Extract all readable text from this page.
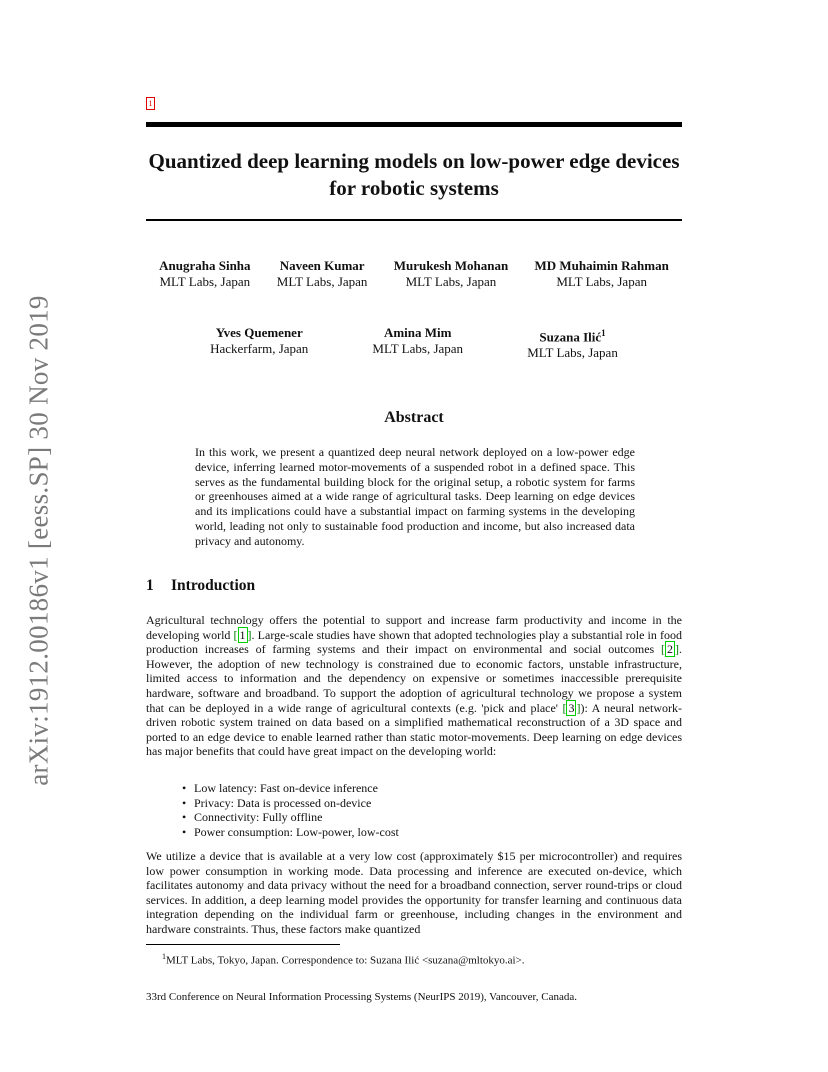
arXiv:1912.00186v1 [eess.SP] 30 Nov 2019
1
Quantized deep learning models on low-power edge devices for robotic systems
Anugraha Sinha
MLT Labs, Japan
Naveen Kumar
MLT Labs, Japan
Murukesh Mohanan
MLT Labs, Japan
MD Muhaimin Rahman
MLT Labs, Japan
Yves Quemener
Hackerfarm, Japan
Amina Mim
MLT Labs, Japan
Suzana Ilić$^1$
MLT Labs, Japan
Abstract

In this work, we present a quantized deep neural network deployed on a low-power edge device, inferring learned motor-movements of a suspended robot in a defined space. This serves as the fundamental building block for the original setup, a robotic system for farms or greenhouses aimed at a wide range of agricultural tasks. Deep learning on edge devices and its implications could have a substantial impact on farming systems in the developing world, leading not only to sustainable food production and income, but also increased data privacy and autonomy.

1 Introduction

Agricultural technology offers the potential to support and increase farm productivity and income in the developing world [ 1 ]. Large-scale studies have shown that adopted technologies play a substantial role in food production increases of farming systems and their impact on environmental and social outcomes [ 2 ]. However, the adoption of new technology is constrained due to economic factors, unstable infrastructure, limited access to information and the dependency on expensive or sometimes inaccessible prerequisite hardware, software and broadband. To support the adoption of agricultural technology we propose a system that can be deployed in a wide range of agricultural contexts (e.g. 'pick and place' [ 3 ]): A neural network-driven robotic system trained on data based on a simplified mathematical reconstruction of a 3D space and ported to an edge device to enable learned rather than static motor-movements. Deep learning on edge devices has major benefits that could have great impact on the developing world:

• Low latency: Fast on-device inference
• Privacy: Data is processed on-device
• Connectivity: Fully offline
• Power consumption: Low-power, low-cost

We utilize a device that is available at a very low cost (approximately $15 per microcontroller) and requires low power consumption in working mode. Data processing and inference are executed on-device, which facilitates autonomy and data privacy without the need for a broadband connection, server round-trips or cloud services. In addition, a deep learning model provides the opportunity for transfer learning and continuous data integration depending on the individual farm or greenhouse, including changes in the environment and hardware constraints. Thus, these factors make quantized

$^1$MLT Labs, Tokyo, Japan. Correspondence to: Suzana Ilić <suzana@mltokyo.ai>.
33rd Conference on Neural Information Processing Systems (NeurIPS 2019), Vancouver, Canada.
